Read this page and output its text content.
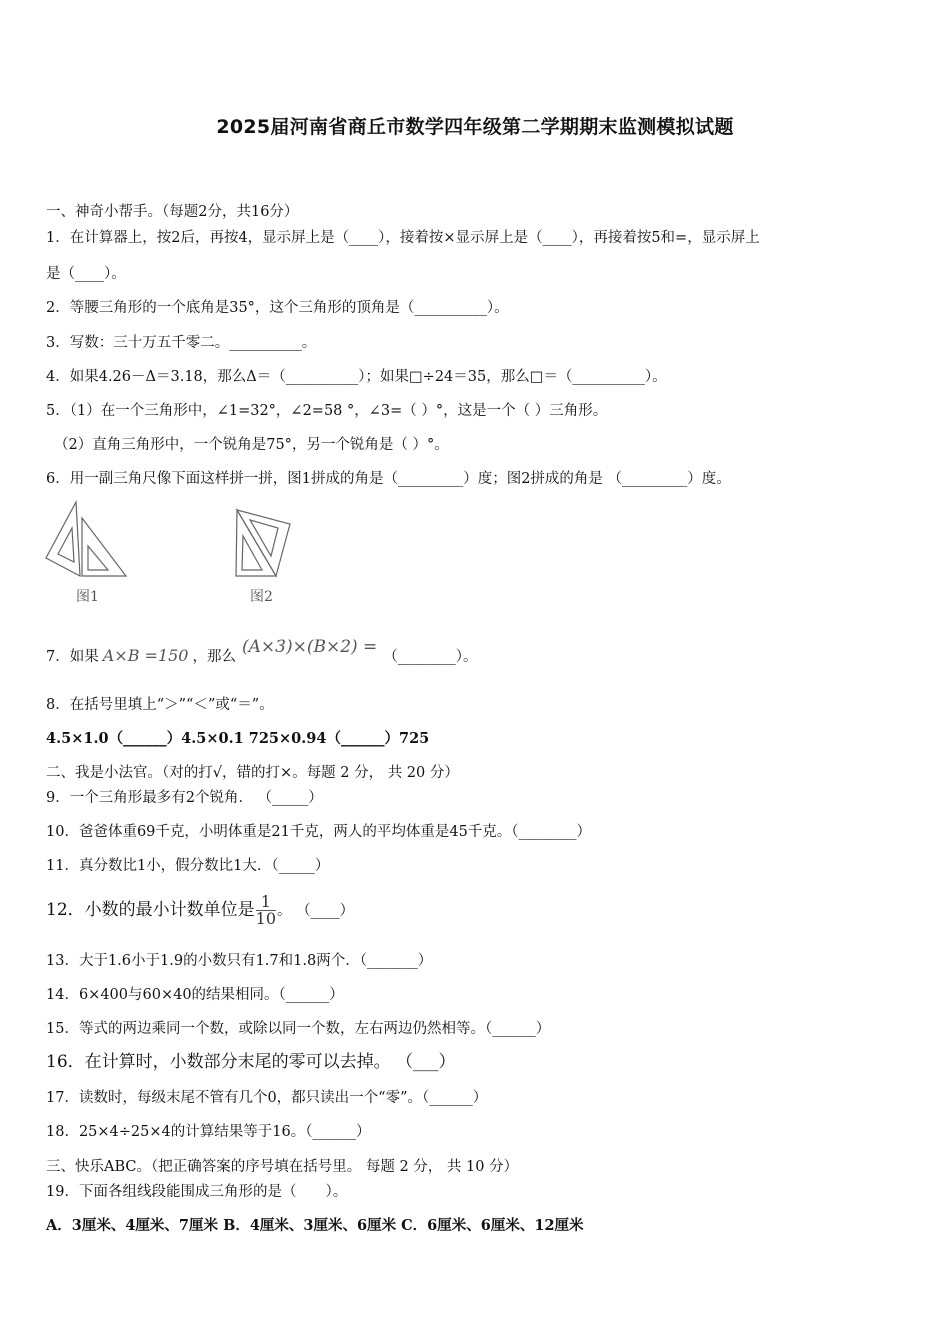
2025届河南省商丘市数学四年级第二学期期末监测模拟试题
一、神奇小帮手。（每题2分，共16分）
1．在计算器上，按2后，再按4，显示屏上是（____），接着按×显示屏上是（____），再接着按5和=，显示屏上
是（____）。
2．等腰三角形的一个底角是35°，这个三角形的顶角是（__________）。
3．写数：三十万五千零二。__________。
4．如果4.26－Δ＝3.18，那么Δ＝（__________）；如果□÷24＝35，那么□＝（__________）。
5．（1）在一个三角形中，∠1=32°，∠2=58 °，∠3=（ ）°，这是一个（ ）三角形。
（2）直角三角形中，一个锐角是75°，另一个锐角是（ ）°。
6．用一副三角尺像下面这样拼一拼，图1拼成的角是（_________）度；图2拼成的角是 （_________）度。
图1	图2
7．如果 A×B =150 ，那么 (A×3)×(B×2) = （________）。
8．在括号里填上“＞”“＜”或“＝”。
4.5×1.0（______）4.5×0.1 725×0.94（______）725
二、我是小法官。（对的打√，错的打×。每题 2 分， 共 20 分）
9．一个三角形最多有2个锐角． （_____）
10．爸爸体重69千克，小明体重是21千克，两人的平均体重是45千克。（________）
11．真分数比1小，假分数比1大．（_____）
12．小数的最小计数单位是 $\frac{1}{10}$ 。 （____）
13．大于1.6小于1.9的小数只有1.7和1.8两个．（_______）
14．6×400与60×40的结果相同。（______）
15．等式的两边乘同一个数，或除以同一个数，左右两边仍然相等。（______）
16．在计算时，小数部分末尾的零可以去掉。 （___）
17．读数时，每级末尾不管有几个0，都只读出一个“零”。（______）
18．25×4÷25×4的计算结果等于16。（______）
三、快乐ABC。（把正确答案的序号填在括号里。 每题 2 分， 共 10 分）
19．下面各组线段能围成三角形的是（　　）。
A．3厘米、4厘米、7厘米 B．4厘米、3厘米、6厘米 C．6厘米、6厘米、12厘米
